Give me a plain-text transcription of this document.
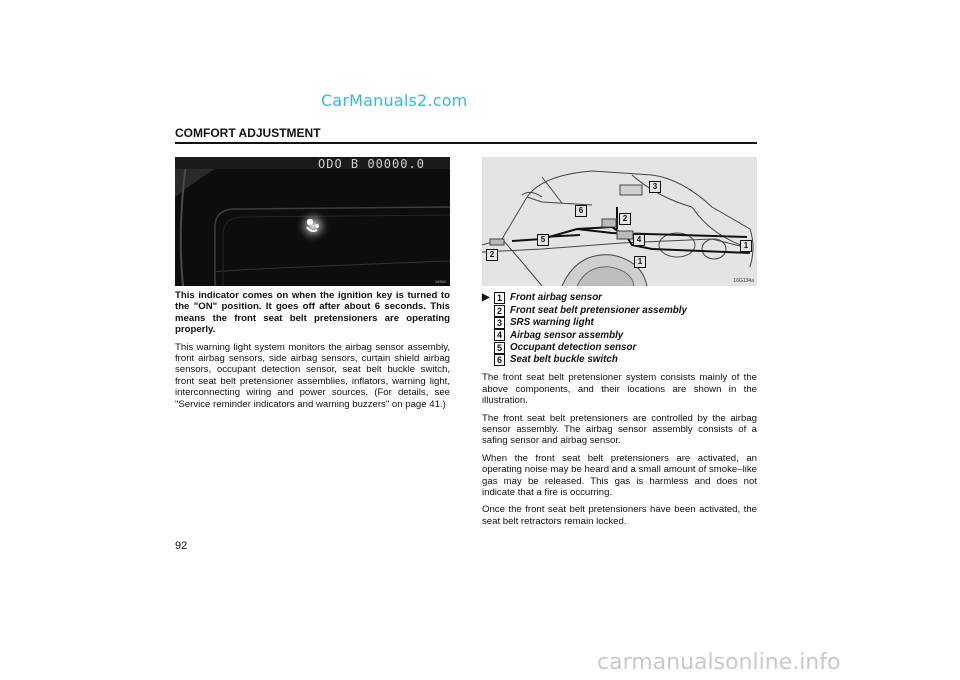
CarManuals2.com
COMFORT ADJUSTMENT
ODO B 00000.0
16382
3
6
2
5	4
2
1
1
16G134a

This indicator comes on when the ignition key is turned to the "ON" position. It goes off after about 6 seconds. This means the front seat belt pretensioners are operating properly.

This warning light system monitors the airbag sensor assembly, front airbag sensors, side airbag sensors, curtain shield airbag sensors, occupant detection sensor, seat belt buckle switch, front seat belt pretensioner assemblies, inflators, warning light, interconnecting wiring and power sources. (For details, see "Service reminder indicators and warning buzzers" on page 41.)

▶ 1 Front airbag sensor
2 Front seat belt pretensioner assembly
3 SRS warning light
4 Airbag sensor assembly
5 Occupant detection sensor
6 Seat belt buckle switch

The front seat belt pretensioner system consists mainly of the above components, and their locations are shown in the illustration.

The front seat belt pretensioners are controlled by the airbag sensor assembly. The airbag sensor assembly consists of a safing sensor and airbag sensor.

When the front seat belt pretensioners are activated, an operating noise may be heard and a small amount of smoke–like gas may be released. This gas is harmless and does not indicate that a fire is occurring.

Once the front seat belt pretensioners have been activated, the seat belt retractors remain locked.

92
carmanualsonline.info
